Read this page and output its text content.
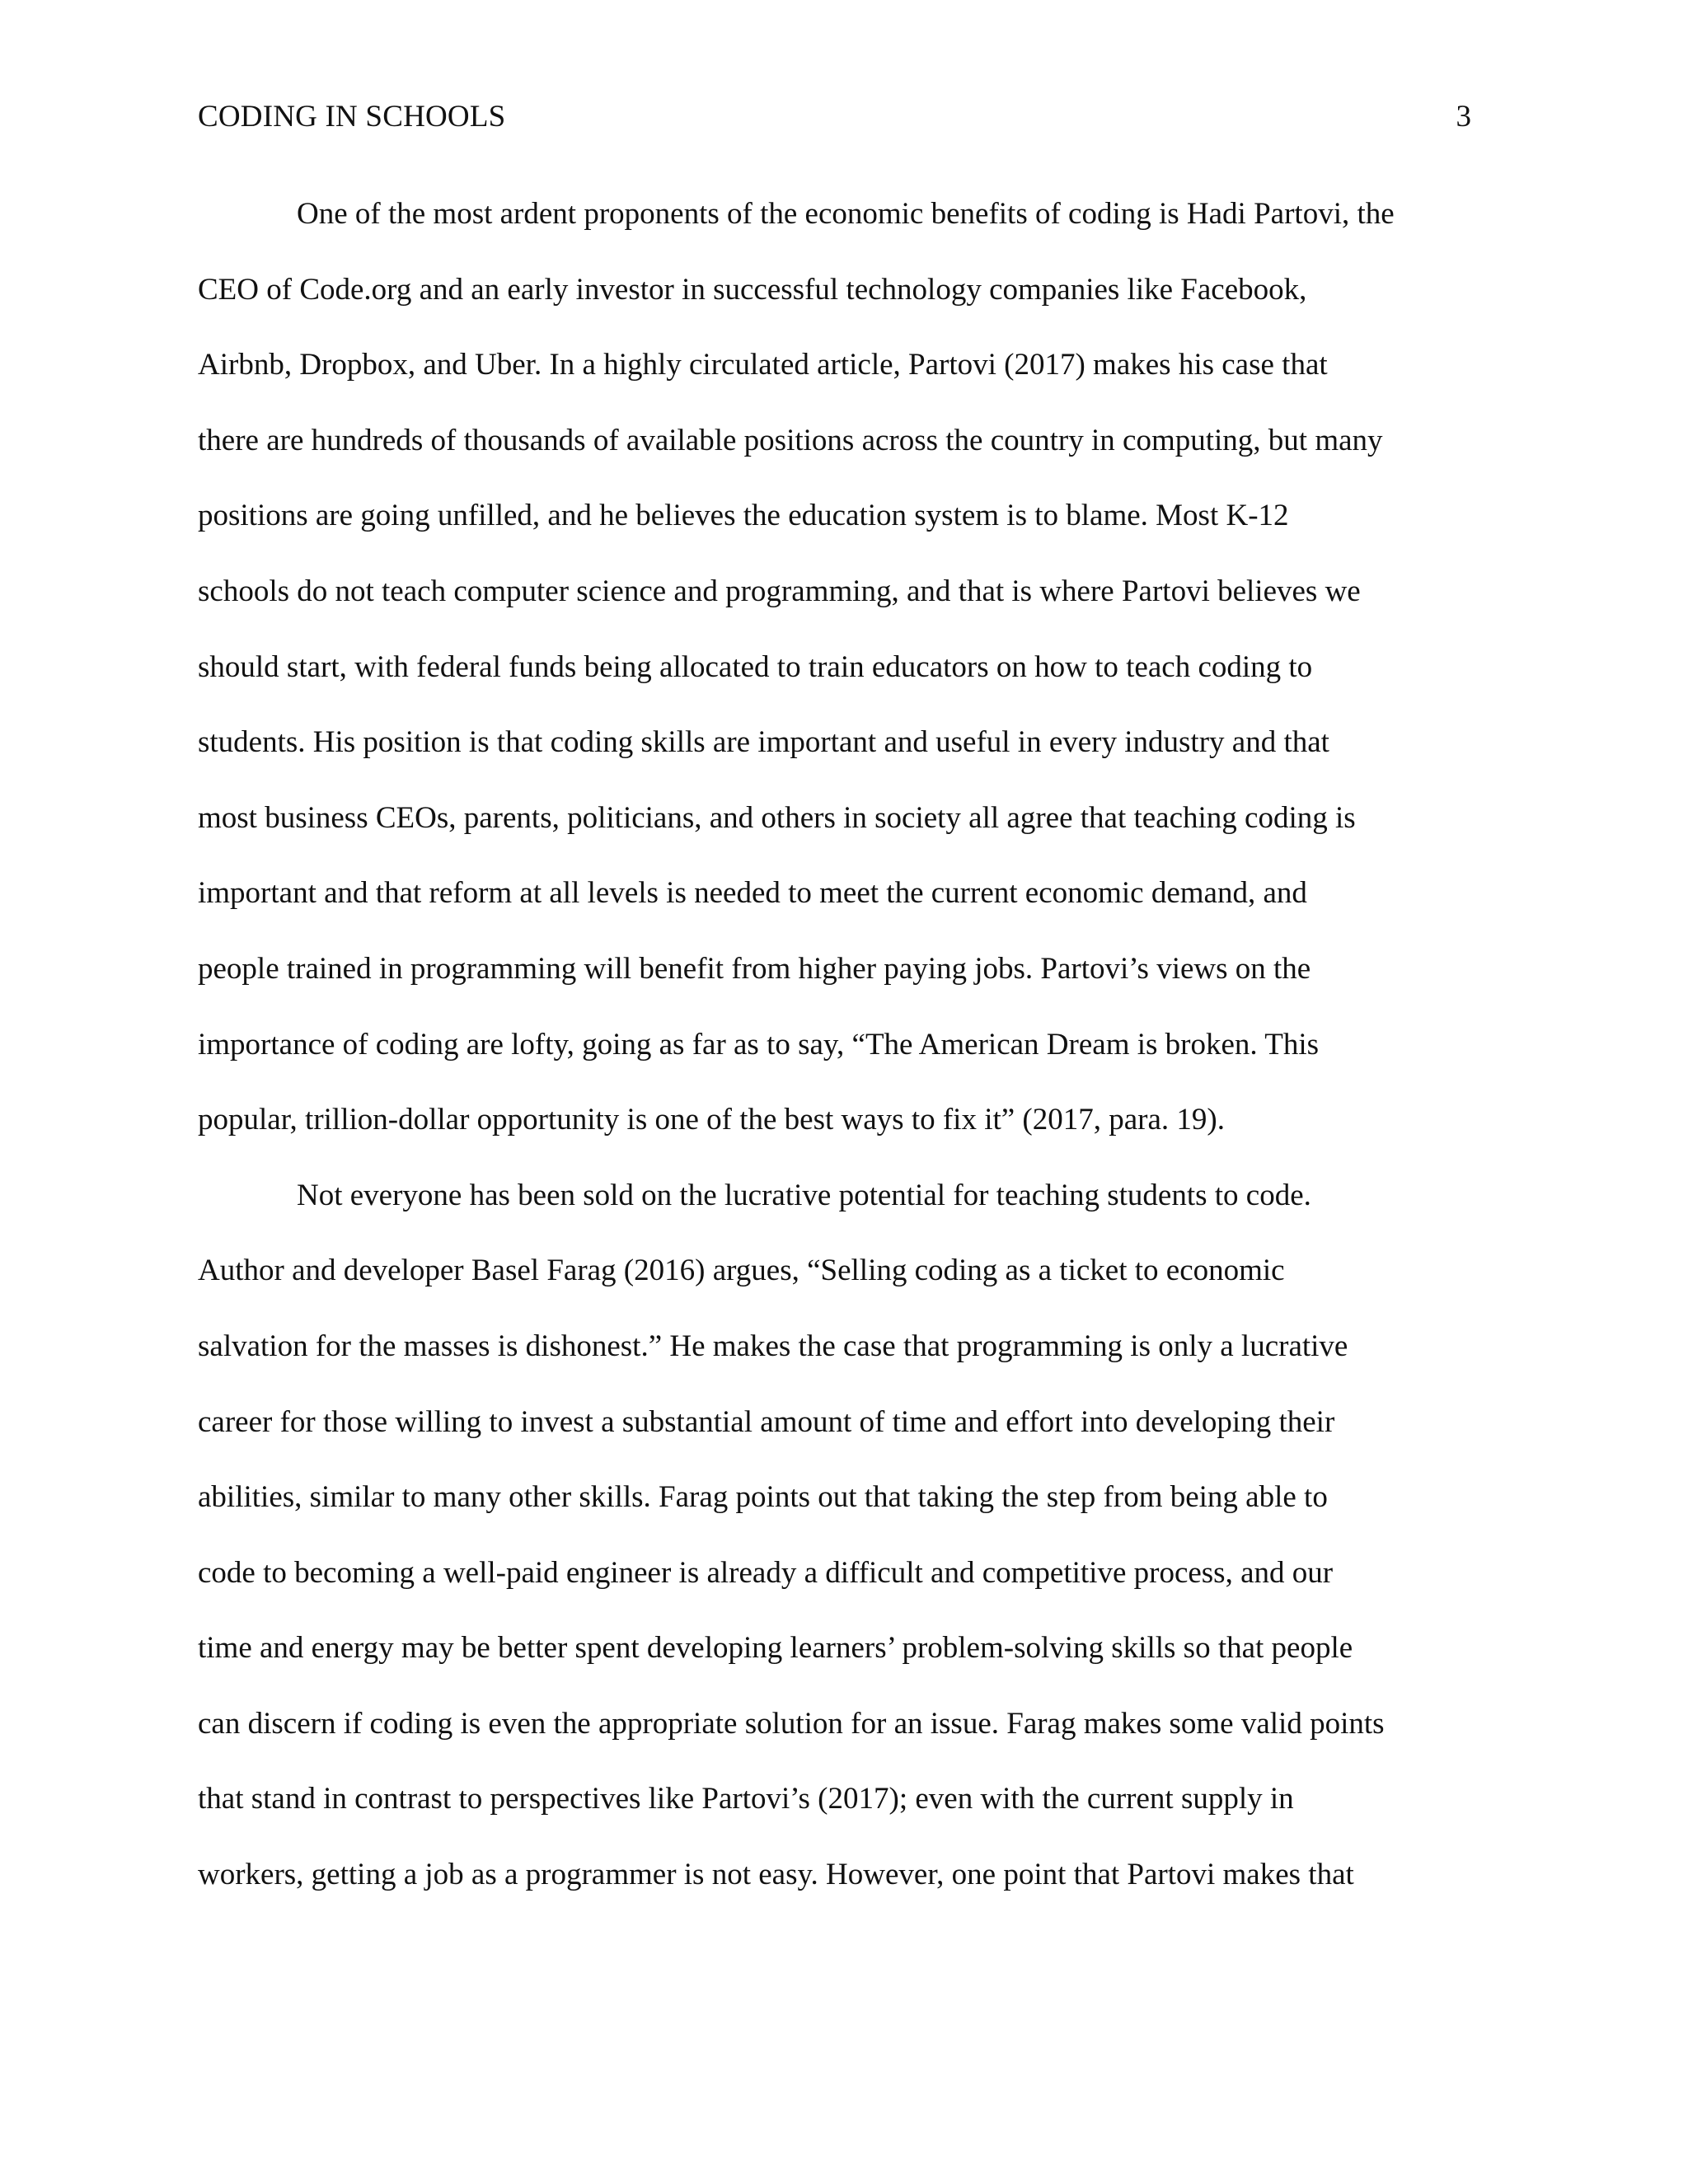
CODING IN SCHOOLS	3
One of the most ardent proponents of the economic benefits of coding is Hadi Partovi, the
CEO of Code.org and an early investor in successful technology companies like Facebook,
Airbnb, Dropbox, and Uber. In a highly circulated article, Partovi (2017) makes his case that
there are hundreds of thousands of available positions across the country in computing, but many
positions are going unfilled, and he believes the education system is to blame. Most K-12
schools do not teach computer science and programming, and that is where Partovi believes we
should start, with federal funds being allocated to train educators on how to teach coding to
students. His position is that coding skills are important and useful in every industry and that
most business CEOs, parents, politicians, and others in society all agree that teaching coding is
important and that reform at all levels is needed to meet the current economic demand, and
people trained in programming will benefit from higher paying jobs. Partovi’s views on the
importance of coding are lofty, going as far as to say, “The American Dream is broken. This
popular, trillion-dollar opportunity is one of the best ways to fix it” (2017, para. 19).
Not everyone has been sold on the lucrative potential for teaching students to code.
Author and developer Basel Farag (2016) argues, “Selling coding as a ticket to economic
salvation for the masses is dishonest.” He makes the case that programming is only a lucrative
career for those willing to invest a substantial amount of time and effort into developing their
abilities, similar to many other skills. Farag points out that taking the step from being able to
code to becoming a well-paid engineer is already a difficult and competitive process, and our
time and energy may be better spent developing learners’ problem-solving skills so that people
can discern if coding is even the appropriate solution for an issue. Farag makes some valid points
that stand in contrast to perspectives like Partovi’s (2017); even with the current supply in
workers, getting a job as a programmer is not easy. However, one point that Partovi makes that
